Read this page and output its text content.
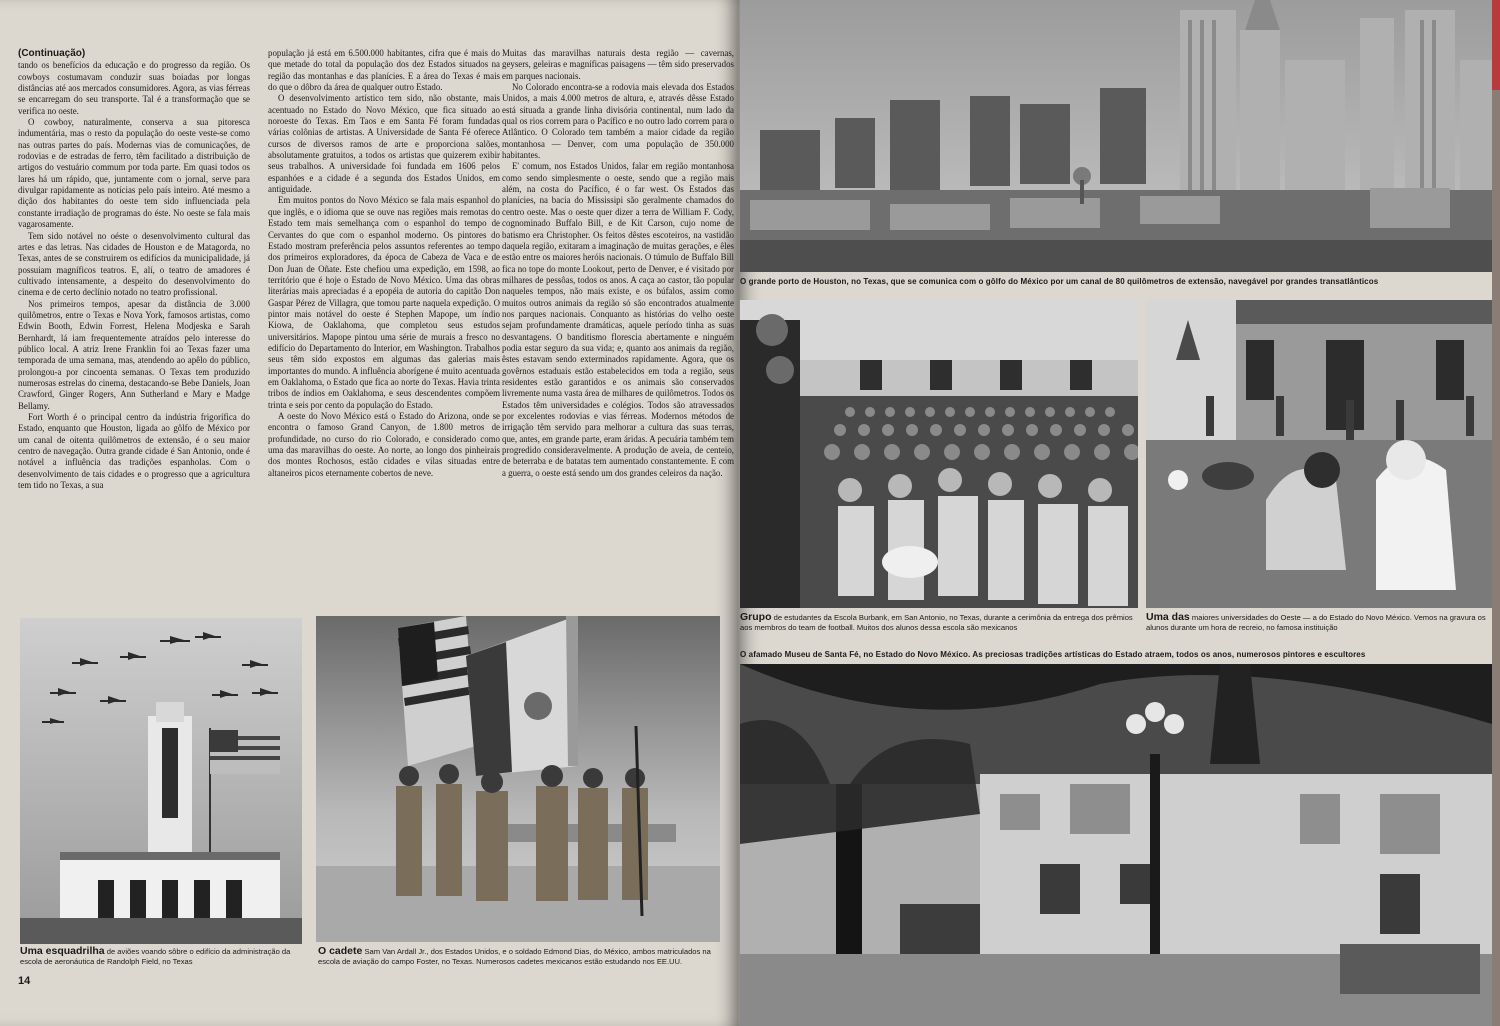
(Continuação)

tando os benefícios da educação e do progresso da região. Os cowboys costumavam conduzir suas boiadas por longas distâncias até aos mercados consumidores. Agora, as vias férreas se encarregam do seu transporte. Tal é a transformação que se verifica no oeste.

O cowboy, naturalmente, conserva a sua pitoresca indumentária, mas o resto da população do oeste veste-se como nas outras partes do país. Modernas vias de comunicações, de rodovias e de estradas de ferro, têm facilitado a distribuição de artigos do vestuário commum por toda parte. Em quasi todos os lares há um rápido, que, juntamente com o jornal, serve para divulgar rapidamente as notícias pelo país inteiro. Até mesmo a dição dos habitantes do oeste tem sido influenciada pela constante irradiação de programas do éste. No oeste se fala mais vagarosamente.

Tem sido notável no oéste o desenvolvimento cultural das artes e das letras. Nas cidades de Houston e de Matagorda, no Texas, antes de se construirem os edifícios da municipalidade, já possuiam magníficos teatros. E, alí, o teatro de amadores é cultivado intensamente, a despeito do desenvolvimento do cinema e de certo declínio notado no teatro profissional.

Nos primeiros tempos, apesar da distância de 3.000 quilômetros, entre o Texas e Nova York, famosos artistas, como Edwin Booth, Edwin Forrest, Helena Modjeska e Sarah Bernhardt, lá iam frequentemente atraídos pelo interesse do público local. A atriz Irene Franklin foi ao Texas fazer uma temporada de uma semana, mas, atendendo ao apêlo do público, prolongou-a por cincoenta semanas. O Texas tem produzido numerosas estrelas do cinema, destacando-se Bebe Daniels, Joan Crawford, Ginger Rogers, Ann Sutherland e Mary e Madge Bellamy.

Fort Worth é o principal centro da indústria frigorífica do Estado, enquanto que Houston, ligada ao gôlfo de México por um canal de oitenta quilômetros de extensão, é o seu maior centro de navegação. Outra grande cidade é San Antonio, onde é notável a influência das tradições espanholas. Com o desenvolvimento de tais cidades e o progresso que a agricultura tem tido no Texas, a sua

população já está em 6.500.000 habitantes, cifra que é mais do que metade do total da população dos dez Estados situados na região das montanhas e das planícies. E a área do Texas é mais do que o dôbro da área de qualquer outro Estado.

O desenvolvimento artístico tem sido, não obstante, mais acentuado no Estado do Novo México, que fica situado ao noroeste do Texas. Em Taos e em Santa Fé foram fundadas várias colônias de artistas. A Universidade de Santa Fé oferece cursos de diversos ramos de arte e proporciona salões, absolutamente gratuitos, a todos os artistas que quizerem exibir seus trabalhos. A universidade foi fundada em 1606 pelos espanhóes e a cidade é a segunda dos Estados Unidos, em antiguidade.

Em muitos pontos do Novo México se fala mais espanhol do que inglês, e o idioma que se ouve nas regiões mais remotas do Estado tem mais semelhança com o espanhol do tempo de Cervantes do que com o espanhol moderno. Os pintores do Estado mostram preferência pelos assuntos referentes ao tempo dos primeiros exploradores, da época de Cabeza de Vaca e de Don Juan de Oñate. Este chefiou uma expedição, em 1598, ao território que é hoje o Estado de Novo México. Uma das obras literárias mais apreciadas é a epopéia de autoria do capitão Don Gaspar Pérez de Villagra, que tomou parte naquela expedição. O pintor mais notável do oeste é Stephen Mapope, um índio Kiowa, de Oaklahoma, que completou seus estudos universitários. Mapope pintou uma série de murais a fresco no edifício do Departamento do Interior, em Washington. Trabalhos seus têm sido expostos em algumas das galerias mais importantes do mundo. A influência aborígene é muito acentuada em Oaklahoma, o Estado que fica ao norte do Texas. Havia trinta tribos de índios em Oaklahoma, e seus descendentes compõem trinta e seis por cento da população do Estado.

A oeste do Novo México está o Estado do Arizona, onde se encontra o famoso Grand Canyon, de 1.800 metros de profundidade, no curso do rio Colorado, e considerado como uma das maravilhas do oeste. Ao norte, ao longo dos pinheirais dos montes Rochosos, estão cidades e vilas situadas entre altaneiros picos eternamente cobertos de neve.

Muitas das maravilhas naturais desta região — cavernas, geysers, geleiras e magníficas paisagens — têm sido preservados em parques nacionais.

No Colorado encontra-se a rodovia mais elevada dos Estados Unidos, a mais 4.000 metros de altura, e, através dêsse Estado está situada a grande linha divisória continental, num lado da qual os rios correm para o Pacífico e no outro lado correm para o Atlântico. O Colorado tem também a maior cidade da região montanhosa — Denver, com uma população de 350.000 habitantes.

E' comum, nos Estados Unidos, falar em região montanhosa como sendo simplesmente o oeste, sendo que a região mais além, na costa do Pacífico, é o far west. Os Estados das planícies, na bacia do Mississipi são geralmente chamados do centro oeste. Mas o oeste quer dizer a terra de William F. Cody, cognominado Buffalo Bill, e de Kit Carson, cujo nome de batismo era Christopher. Os feitos dêstes escoteiros, na vastidão daquela região, exitaram a imaginação de muitas gerações, e êles estão entre os maiores heróis nacionais. O túmulo de Buffalo Bill fica no tope do monte Lookout, perto de Denver, e é visitado por milhares de pessôas, todos os anos. A caça ao castor, tão popular naqueles tempos, não mais existe, e os búfalos, assim como muitos outros animais da região só são encontrados atualmente nos parques nacionais. Conquanto as histórias do velho oeste sejam profundamente dramáticas, aquele período tinha as suas desvantagens. O banditismo florescia abertamente e ninguém podia estar seguro da sua vida; e, quanto aos animais da região, êstes estavam sendo exterminados rapidamente. Agora, que os govêrnos estaduais estão estabelecidos em toda a região, seus residentes estão garantidos e os animais são conservados livremente numa vasta área de milhares de quilômetros. Todos os Estados têm universidades e colégios. Todos são atravessados por excelentes rodovias e vias férreas. Modernos métodos de irrigação têm servido para melhorar a cultura das suas terras, que, antes, em grande parte, eram áridas. A pecuária também tem progredido consideravelmente. A produção de aveia, de centeio, de beterraba e de batatas tem aumentado constantemente. E com a guerra, o oeste está sendo um dos grandes celeiros da nação.

Uma esquadrilha de aviões voando sôbre o edifício da administração da escola de aeronáutica de Randolph Field, no Texas
O cadete Sam Van Ardall Jr., dos Estados Unidos, e o soldado Edmond Dias, do México, ambos matriculados na escola de aviação do campo Foster, no Texas. Numerosos cadetes mexicanos estão estudando nos EE.UU.
14
O grande porto de Houston, no Texas, que se comunica com o gôlfo do México por um canal de 80 quilômetros de extensão, navegável por grandes transatlânticos
Grupo de estudantes da Escola Burbank, em San Antonio, no Texas, durante a cerimônia da entrega dos prêmios aos membros do team de football. Muitos dos alunos dessa escola são mexicanos
Uma das maiores universidades do Oeste — a do Estado do Novo México. Vemos na gravura os alunos durante um hora de recreio, no famosa instituição
O afamado Museu de Santa Fé, no Estado do Novo México. As preciosas tradições artísticas do Estado atraem, todos os anos, numerosos pintores e escultores
